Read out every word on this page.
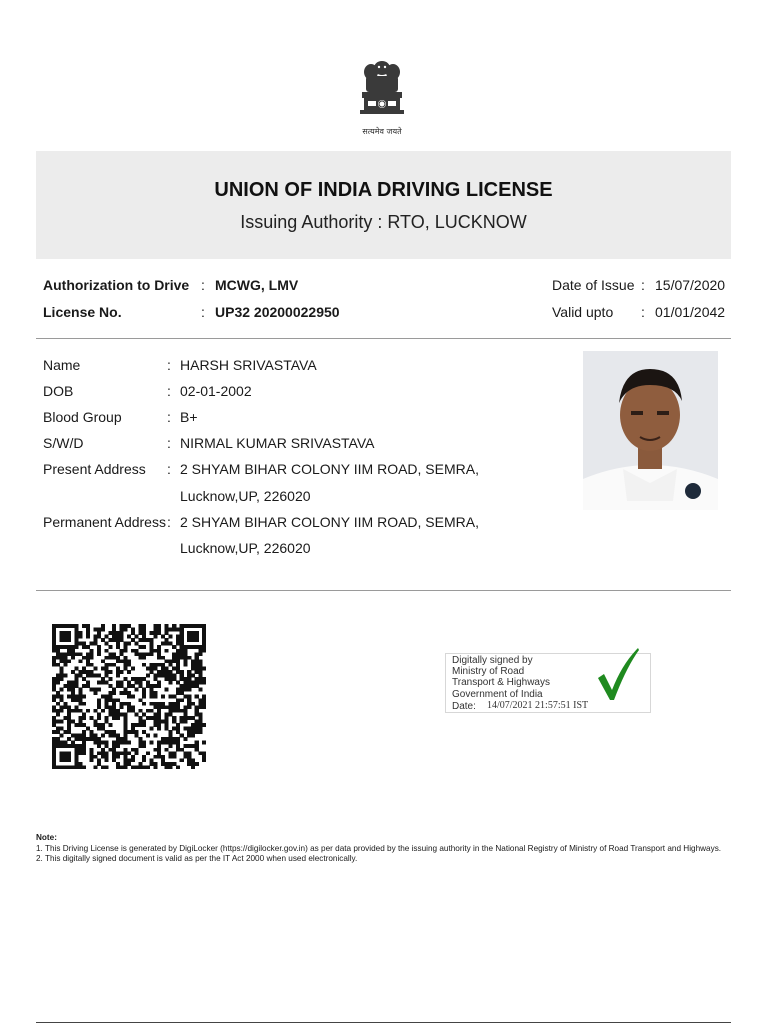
सत्यमेव जयते
UNION OF INDIA DRIVING LICENSE
Issuing Authority : RTO, LUCKNOW
Authorization to Drive : MCWG, LMV
License No.	: UP32 20200022950
Date of Issue : 15/07/2020
Valid upto : 01/01/2042
Name	: HARSH SRIVASTAVA
DOB	: 02-01-2002
Blood Group	: B+
S/W/D	: NIRMAL KUMAR SRIVASTAVA
Present Address : 2 SHYAM BIHAR COLONY IIM ROAD, SEMRA,
Lucknow,UP, 226020
Permanent Address : 2 SHYAM BIHAR COLONY IIM ROAD, SEMRA,
Lucknow,UP, 226020
Digitally signed by
Ministry of Road
Transport & Highways
Government of India
Date: 14/07/2021 21:57:51 IST
Note:
1. This Driving License is generated by DigiLocker (https://digilocker.gov.in) as per data provided by the issuing authority in the National Registry of Ministry of Road Transport and Highways.
2. This digitally signed document is valid as per the IT Act 2000 when used electronically.
